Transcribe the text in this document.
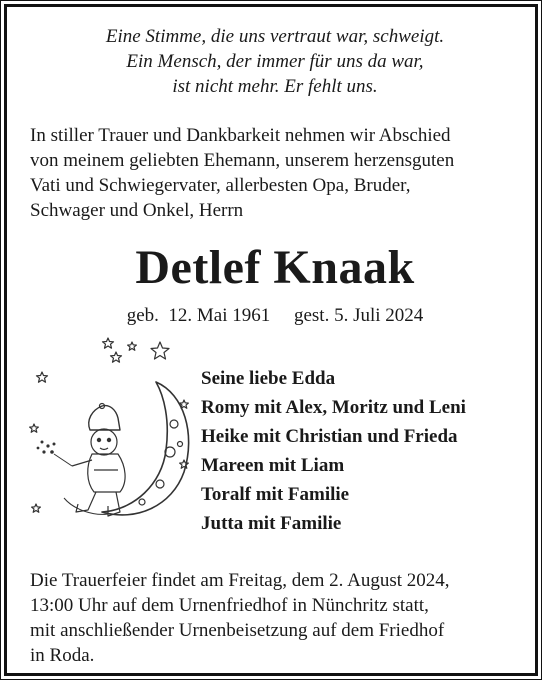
Eine Stimme, die uns vertraut war, schweigt.
Ein Mensch, der immer für uns da war,
ist nicht mehr. Er fehlt uns.
In stiller Trauer und Dankbarkeit nehmen wir Abschied
von meinem geliebten Ehemann, unserem herzensguten
Vati und Schwiegervater, allerbesten Opa, Bruder,
Schwager und Onkel, Herrn
Detlef Knaak
geb.  12. Mai 1961     gest. 5. Juli 2024
Seine liebe Edda
Romy mit Alex, Moritz und Leni
Heike mit Christian und Frieda
Mareen mit Liam
Toralf mit Familie
Jutta mit Familie
Die Trauerfeier findet am Freitag, dem 2. August 2024,
13:00 Uhr auf dem Urnenfriedhof in Nünchritz statt,
mit anschließender Urnenbeisetzung auf dem Friedhof
in Roda.
